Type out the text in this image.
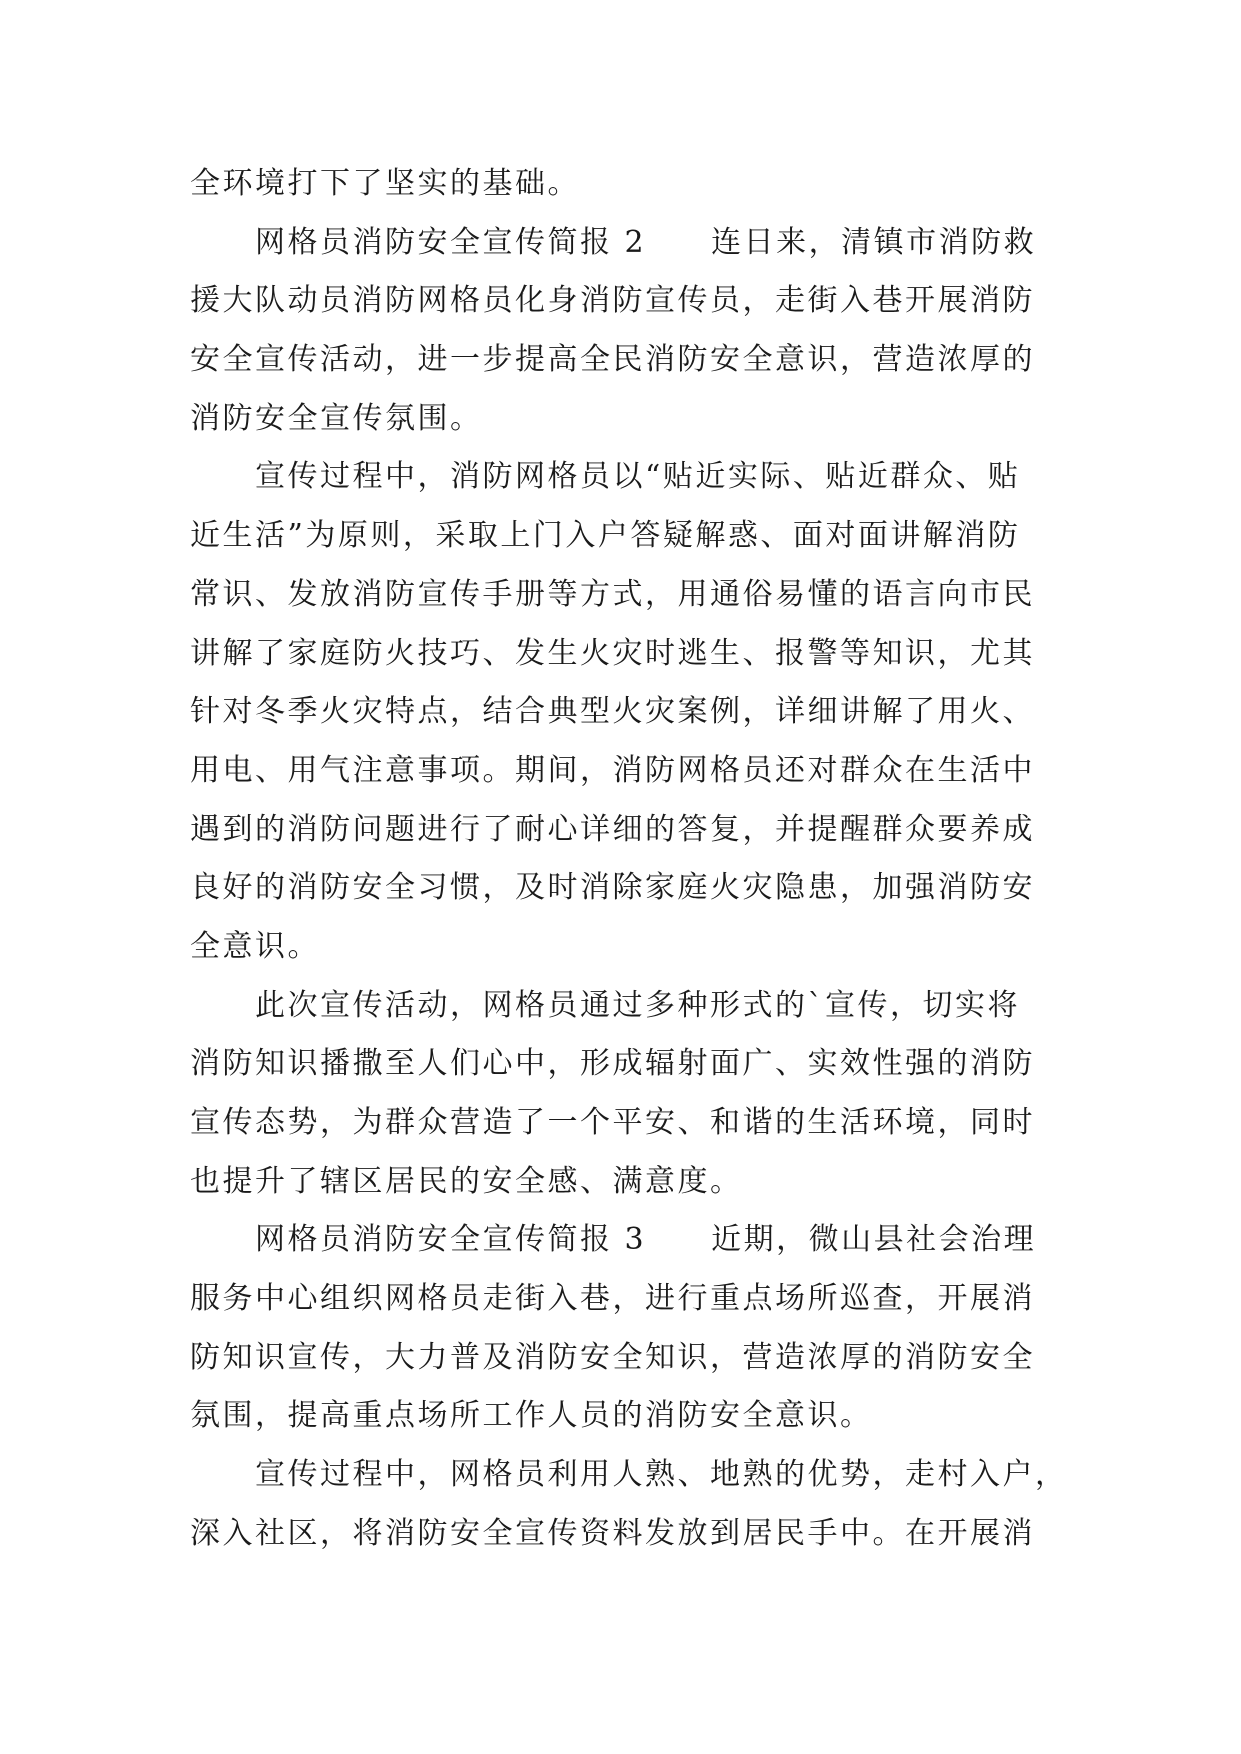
全环境打下了坚实的基础。
　　网格员消防安全宣传简报 2　　连日来，清镇市消防救
援大队动员消防网格员化身消防宣传员，走街入巷开展消防
安全宣传活动，进一步提高全民消防安全意识，营造浓厚的
消防安全宣传氛围。
　　宣传过程中，消防网格员以“贴近实际、贴近群众、贴
近生活”为原则，采取上门入户答疑解惑、面对面讲解消防
常识、发放消防宣传手册等方式，用通俗易懂的语言向市民
讲解了家庭防火技巧、发生火灾时逃生、报警等知识，尤其
针对冬季火灾特点，结合典型火灾案例，详细讲解了用火、
用电、用气注意事项。期间，消防网格员还对群众在生活中
遇到的消防问题进行了耐心详细的答复，并提醒群众要养成
良好的消防安全习惯，及时消除家庭火灾隐患，加强消防安
全意识。
　　此次宣传活动，网格员通过多种形式的`宣传，切实将
消防知识播撒至人们心中，形成辐射面广、实效性强的消防
宣传态势，为群众营造了一个平安、和谐的生活环境，同时
也提升了辖区居民的安全感、满意度。
　　网格员消防安全宣传简报 3　　近期，微山县社会治理
服务中心组织网格员走街入巷，进行重点场所巡查，开展消
防知识宣传，大力普及消防安全知识，营造浓厚的消防安全
氛围，提高重点场所工作人员的消防安全意识。
　　宣传过程中，网格员利用人熟、地熟的优势，走村入户，
深入社区，将消防安全宣传资料发放到居民手中。在开展消
